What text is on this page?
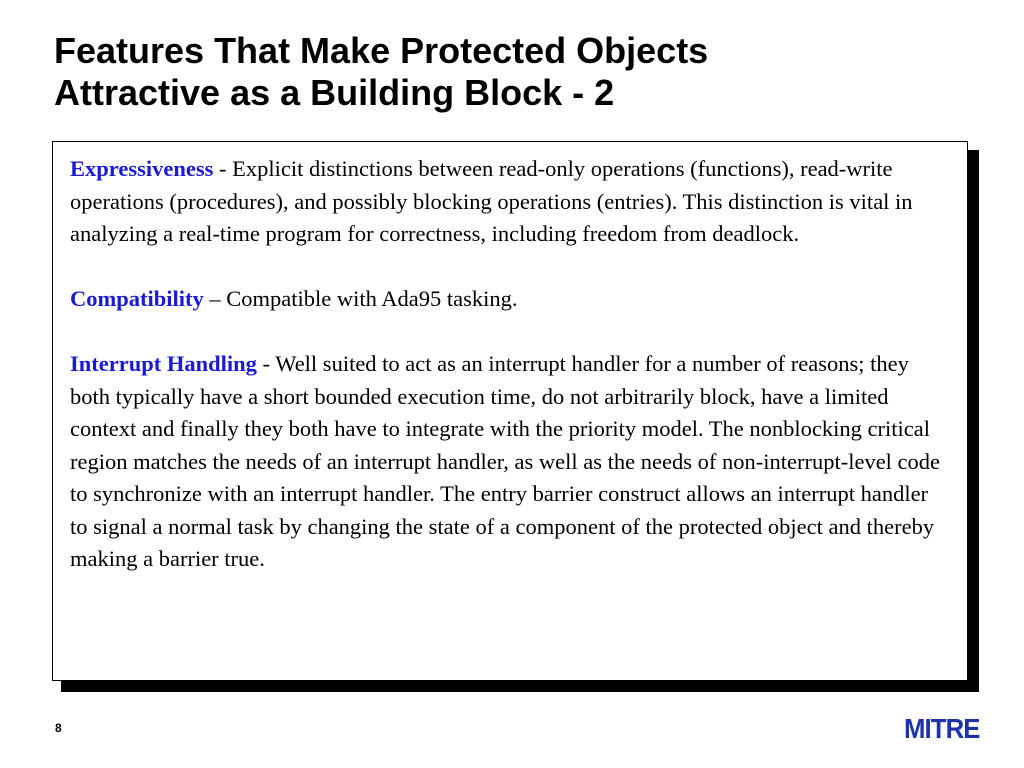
Features That Make Protected Objects
Attractive as a Building Block - 2

Expressiveness - Explicit distinctions between read-only operations (functions), read-write operations (procedures), and possibly blocking operations (entries). This distinction is vital in analyzing a real-time program for correctness, including freedom from deadlock.

Compatibility – Compatible with Ada95 tasking.

Interrupt Handling - Well suited to act as an interrupt handler for a number of reasons; they both typically have a short bounded execution time, do not arbitrarily block, have a limited context and finally they both have to integrate with the priority model. The nonblocking critical region matches the needs of an interrupt handler, as well as the needs of non-interrupt-level code to synchronize with an interrupt handler. The entry barrier construct allows an interrupt handler to signal a normal task by changing the state of a component of the protected object and thereby making a barrier true.

8	MITRE
